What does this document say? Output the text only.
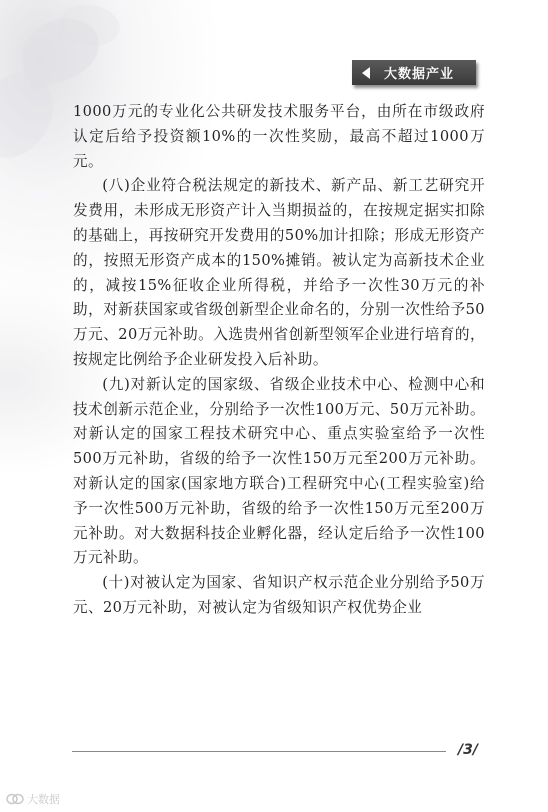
大数据产业

1000万元的专业化公共研发技术服务平台，由所在市级政府认定后给予投资额10%的一次性奖励，最高不超过1000万元。

(八)企业符合税法规定的新技术、新产品、新工艺研究开发费用，未形成无形资产计入当期损益的，在按规定据实扣除的基础上，再按研究开发费用的50%加计扣除；形成无形资产的，按照无形资产成本的150%摊销。被认定为高新技术企业的，减按15%征收企业所得税，并给予一次性30万元的补助，对新获国家或省级创新型企业命名的，分别一次性给予50万元、20万元补助。入选贵州省创新型领军企业进行培育的，按规定比例给予企业研发投入后补助。

(九)对新认定的国家级、省级企业技术中心、检测中心和技术创新示范企业，分别给予一次性100万元、50万元补助。对新认定的国家工程技术研究中心、重点实验室给予一次性500万元补助，省级的给予一次性150万元至200万元补助。对新认定的国家(国家地方联合)工程研究中心(工程实验室)给予一次性500万元补助，省级的给予一次性150万元至200万元补助。对大数据科技企业孵化器，经认定后给予一次性100万元补助。

(十)对被认定为国家、省知识产权示范企业分别给予50万元、20万元补助，对被认定为省级知识产权优势企业

/3/
大数据
